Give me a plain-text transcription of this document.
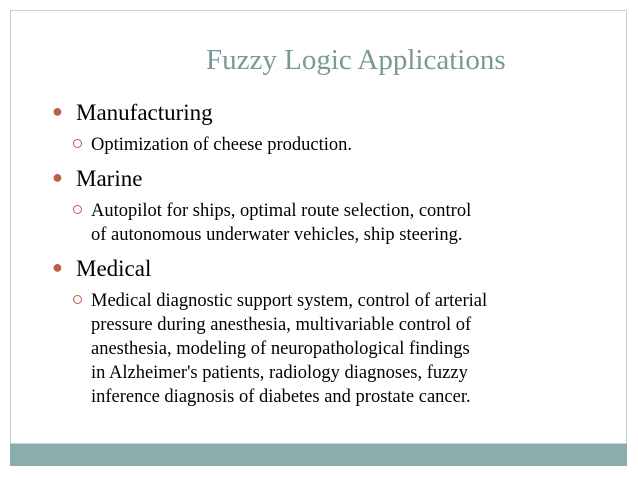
Fuzzy Logic Applications
● Manufacturing
Optimization of cheese production.
● Marine
Autopilot for ships, optimal route selection, control
of autonomous underwater vehicles, ship steering.
● Medical
Medical diagnostic support system, control of arterial
pressure during anesthesia, multivariable control of
anesthesia, modeling of neuropathological findings
in Alzheimer's patients, radiology diagnoses, fuzzy
inference diagnosis of diabetes and prostate cancer.
